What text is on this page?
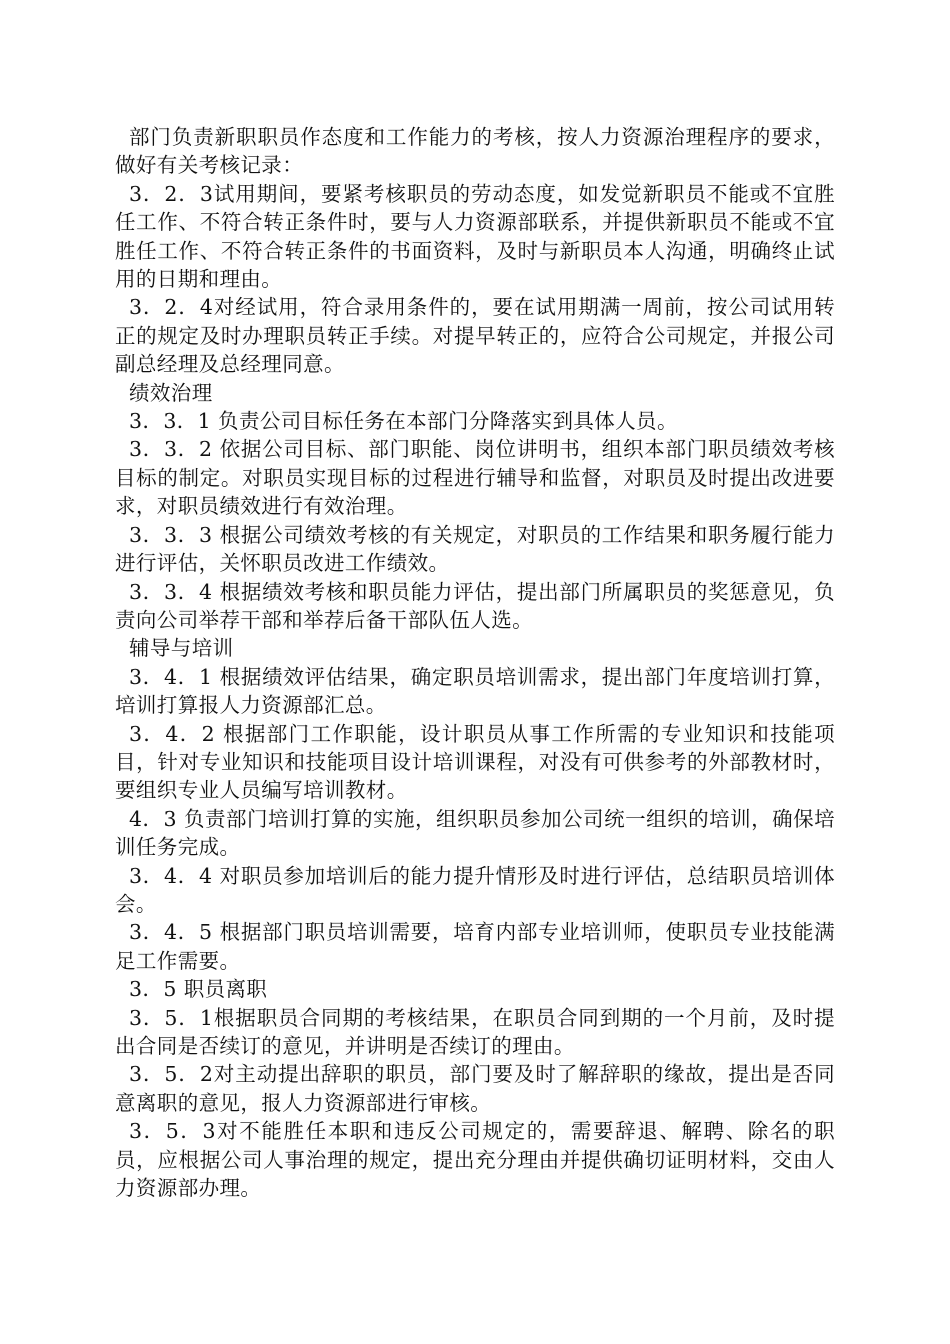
部门负责新职职员作态度和工作能力的考核，按人力资源治理程序的要求，做好有关考核记录：

3．2．3试用期间，要紧考核职员的劳动态度，如发觉新职员不能或不宜胜任工作、不符合转正条件时，要与人力资源部联系，并提供新职员不能或不宜胜任工作、不符合转正条件的书面资料，及时与新职员本人沟通，明确终止试用的日期和理由。

3．2．4对经试用，符合录用条件的，要在试用期满一周前，按公司试用转正的规定及时办理职员转正手续。对提早转正的，应符合公司规定，并报公司副总经理及总经理同意。

绩效治理

3．3．1 负责公司目标任务在本部门分降落实到具体人员。

3．3．2 依据公司目标、部门职能、岗位讲明书，组织本部门职员绩效考核目标的制定。对职员实现目标的过程进行辅导和监督，对职员及时提出改进要求，对职员绩效进行有效治理。

3．3．3 根据公司绩效考核的有关规定，对职员的工作结果和职务履行能力进行评估，关怀职员改进工作绩效。

3．3．4 根据绩效考核和职员能力评估，提出部门所属职员的奖惩意见，负责向公司举荐干部和举荐后备干部队伍人选。

辅导与培训

3．4．1 根据绩效评估结果，确定职员培训需求，提出部门年度培训打算，培训打算报人力资源部汇总。

3．4．2 根据部门工作职能，设计职员从事工作所需的专业知识和技能项目，针对专业知识和技能项目设计培训课程，对没有可供参考的外部教材时，要组织专业人员编写培训教材。

4．3 负责部门培训打算的实施，组织职员参加公司统一组织的培训，确保培训任务完成。

3．4．4 对职员参加培训后的能力提升情形及时进行评估，总结职员培训体会。

3．4．5 根据部门职员培训需要，培育内部专业培训师，使职员专业技能满足工作需要。

3．5 职员离职

3．5．1根据职员合同期的考核结果，在职员合同到期的一个月前，及时提出合同是否续订的意见，并讲明是否续订的理由。

3．5．2对主动提出辞职的职员，部门要及时了解辞职的缘故，提出是否同意离职的意见，报人力资源部进行审核。

3．5．3对不能胜任本职和违反公司规定的，需要辞退、解聘、除名的职员，应根据公司人事治理的规定，提出充分理由并提供确切证明材料，交由人力资源部办理。
